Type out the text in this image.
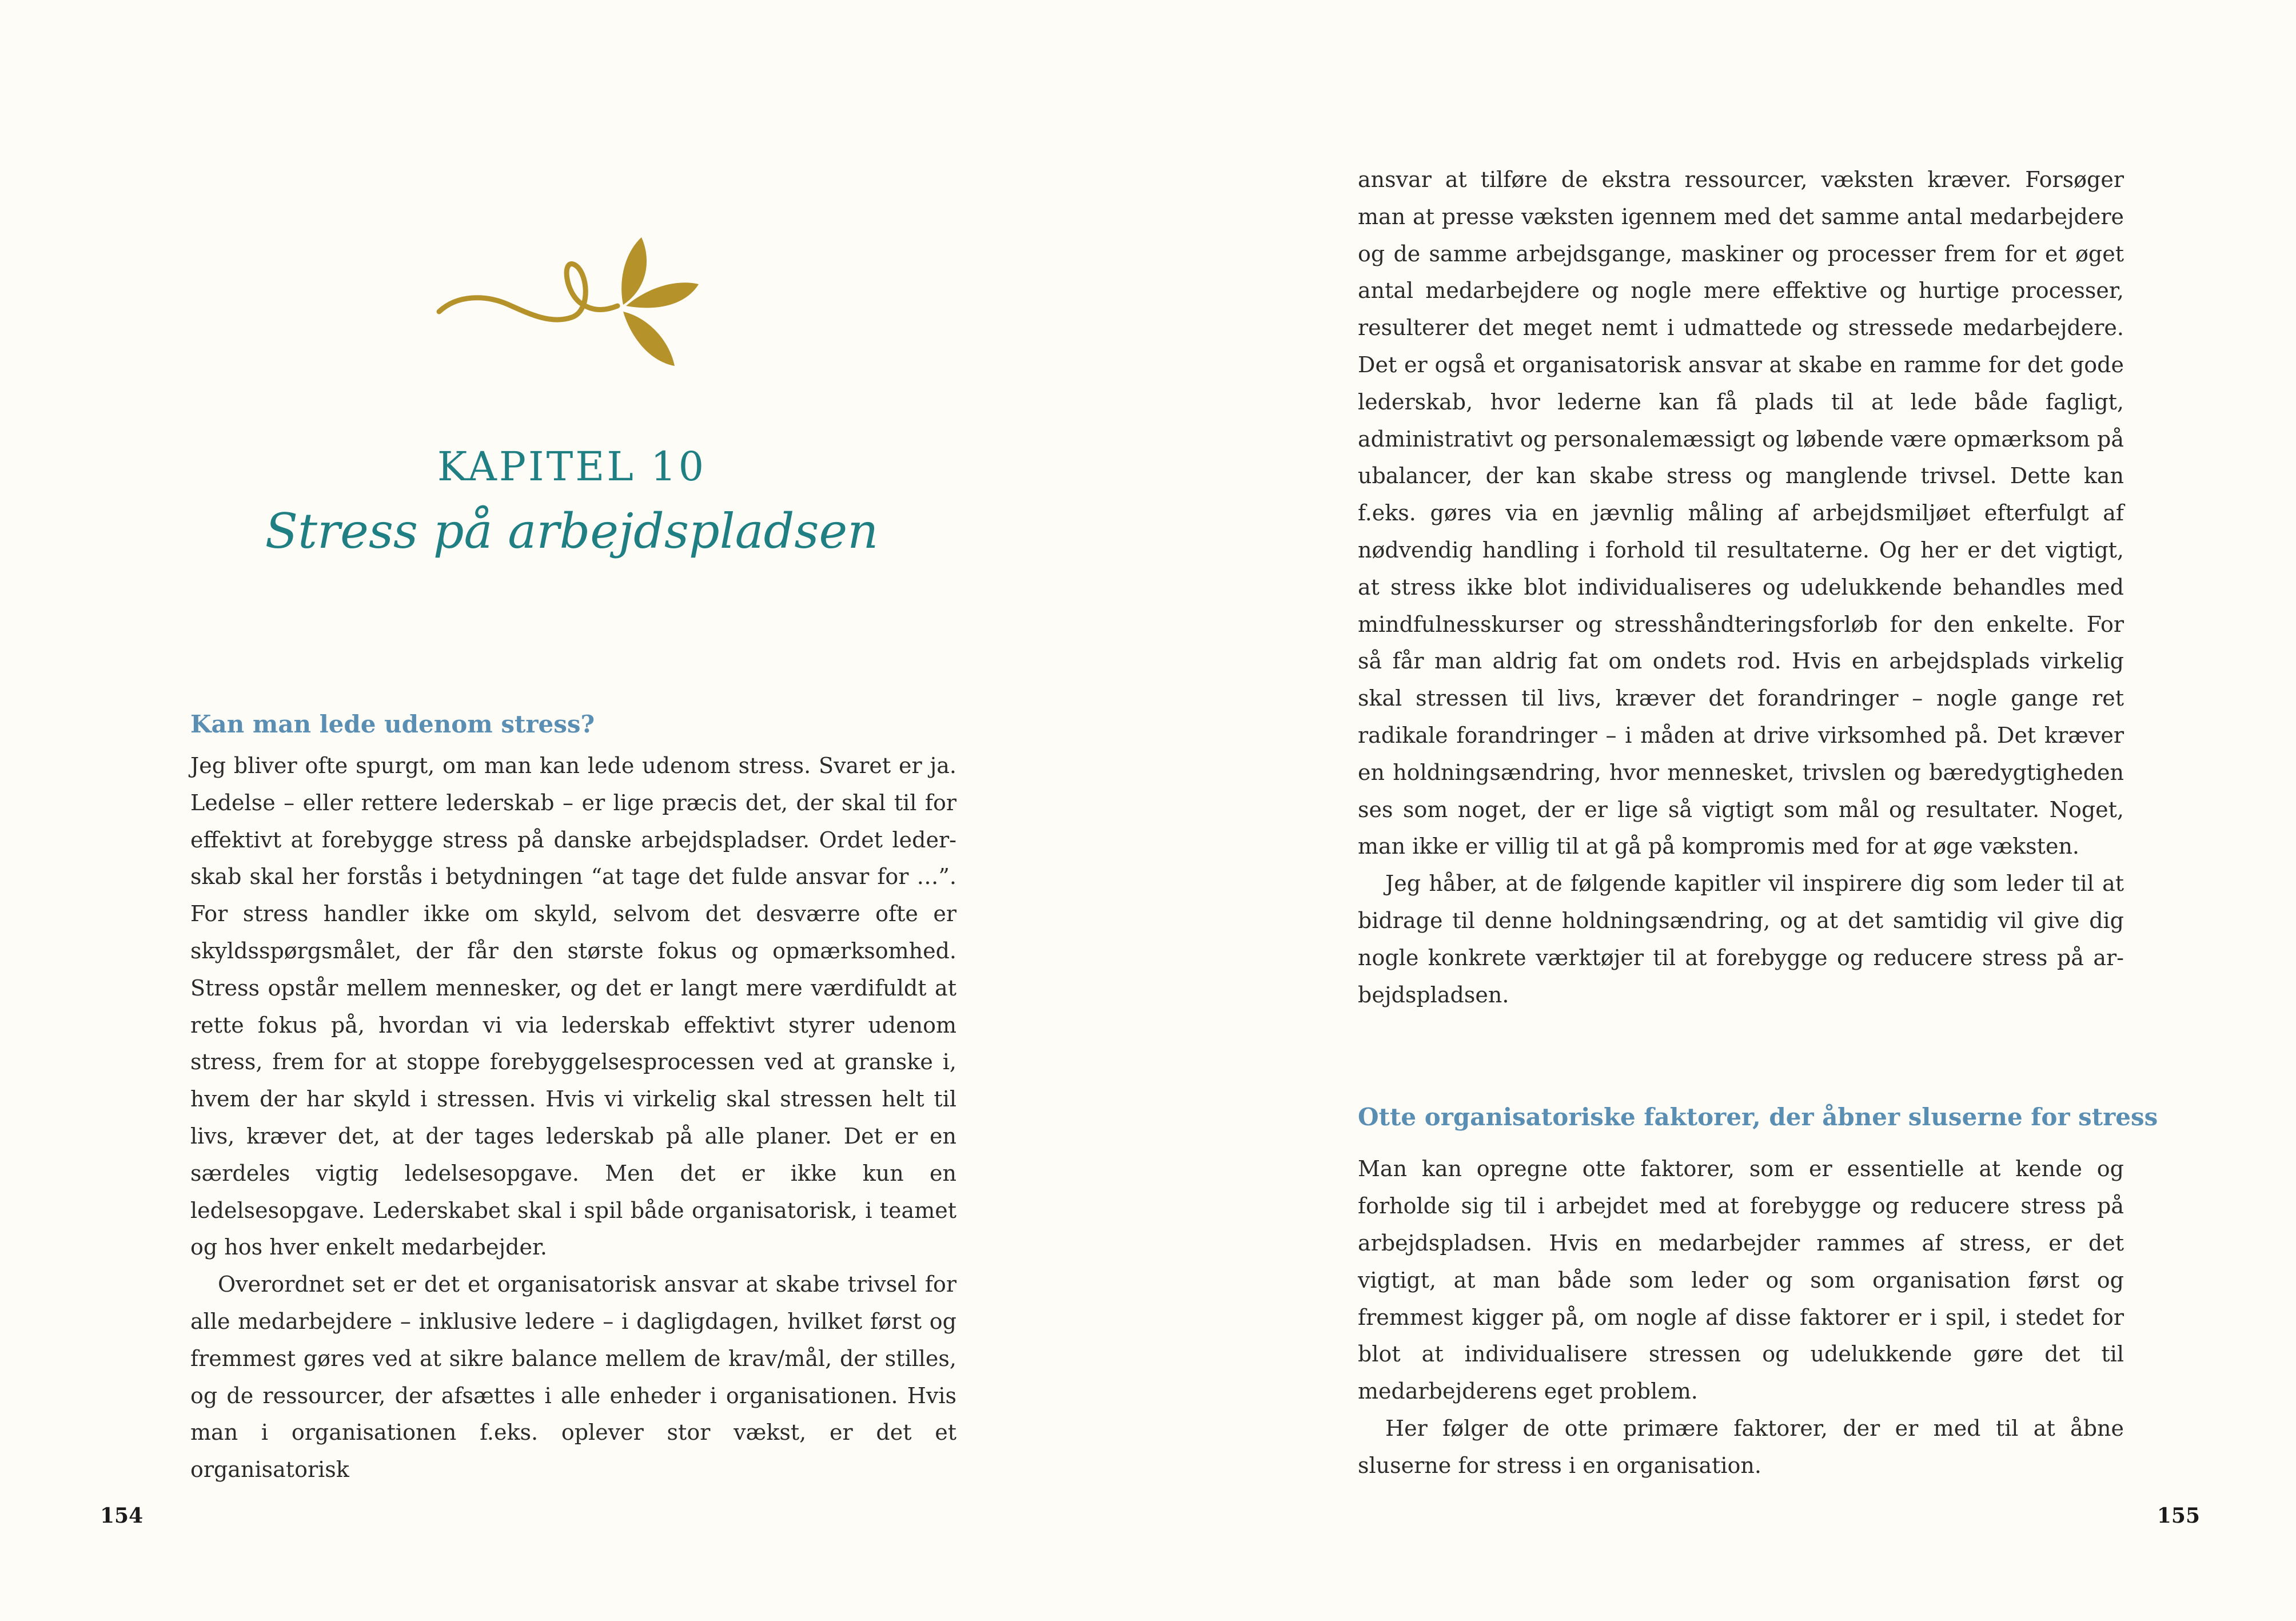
KAPITEL 10
Stress på arbejdspladsen
Kan man lede udenom stress?

Jeg bliver ofte spurgt, om man kan lede udenom stress. Svaret er ja. Ledelse – eller rettere lederskab – er lige præcis det, der skal til for effektivt at forebygge stress på danske arbejdspladser. Ordet lederskab skal her forstås i betydningen “at tage det fulde ansvar for …”. For stress handler ikke om skyld, selvom det desværre ofte er skyldsspørgsmålet, der får den største fokus og opmærksomhed. Stress opstår mellem mennesker, og det er langt mere værdifuldt at rette fokus på, hvordan vi via lederskab effektivt styrer udenom stress, frem for at stoppe forebyggelsesprocessen ved at granske i, hvem der har skyld i stressen. Hvis vi virkelig skal stressen helt til livs, kræver det, at der tages lederskab på alle planer. Det er en særdeles vigtig ledelsesopgave. Men det er ikke kun en ledelsesopgave. Lederskabet skal i spil både organisatorisk, i teamet og hos hver enkelt medarbejder.

Overordnet set er det et organisatorisk ansvar at skabe trivsel for alle medarbejdere – inklusive ledere – i dagligdagen, hvilket først og fremmest gøres ved at sikre balance mellem de krav/mål, der stilles, og de ressourcer, der afsættes i alle enheder i organisationen. Hvis man i organisationen f.eks. oplever stor vækst, er det et organisatorisk

154

ansvar at tilføre de ekstra ressourcer, væksten kræver. Forsøger man at presse væksten igennem med det samme antal medarbejdere og de samme arbejdsgange, maskiner og processer frem for et øget antal medarbejdere og nogle mere effektive og hurtige processer, resulterer det meget nemt i udmattede og stressede medarbejdere. Det er også et organisatorisk ansvar at skabe en ramme for det gode lederskab, hvor lederne kan få plads til at lede både fagligt, administrativt og personalemæssigt og løbende være opmærksom på ubalancer, der kan skabe stress og manglende trivsel. Dette kan f.eks. gøres via en jævnlig måling af arbejdsmiljøet efterfulgt af nødvendig handling i forhold til resultaterne. Og her er det vigtigt, at stress ikke blot individualiseres og udelukkende behandles med mindfulnesskurser og stresshåndteringsforløb for den enkelte. For så får man aldrig fat om ondets rod. Hvis en arbejdsplads virkelig skal stressen til livs, kræver det forandringer – nogle gange ret radikale forandringer – i måden at drive virksomhed på. Det kræver en holdningsændring, hvor mennesket, trivslen og bæredygtigheden ses som noget, der er lige så vigtigt som mål og resultater. Noget, man ikke er villig til at gå på kompromis med for at øge væksten.

Jeg håber, at de følgende kapitler vil inspirere dig som leder til at bidrage til denne holdningsændring, og at det samtidig vil give dig nogle konkrete værktøjer til at forebygge og reducere stress på arbejdspladsen.

Otte organisatoriske faktorer, der åbner sluserne for stress

Man kan opregne otte faktorer, som er essentielle at kende og forholde sig til i arbejdet med at forebygge og reducere stress på arbejdspladsen. Hvis en medarbejder rammes af stress, er det vigtigt, at man både som leder og som organisation først og fremmest kigger på, om nogle af disse faktorer er i spil, i stedet for blot at individualisere stressen og udelukkende gøre det til medarbejderens eget problem.

Her følger de otte primære faktorer, der er med til at åbne sluserne for stress i en organisation.

155
